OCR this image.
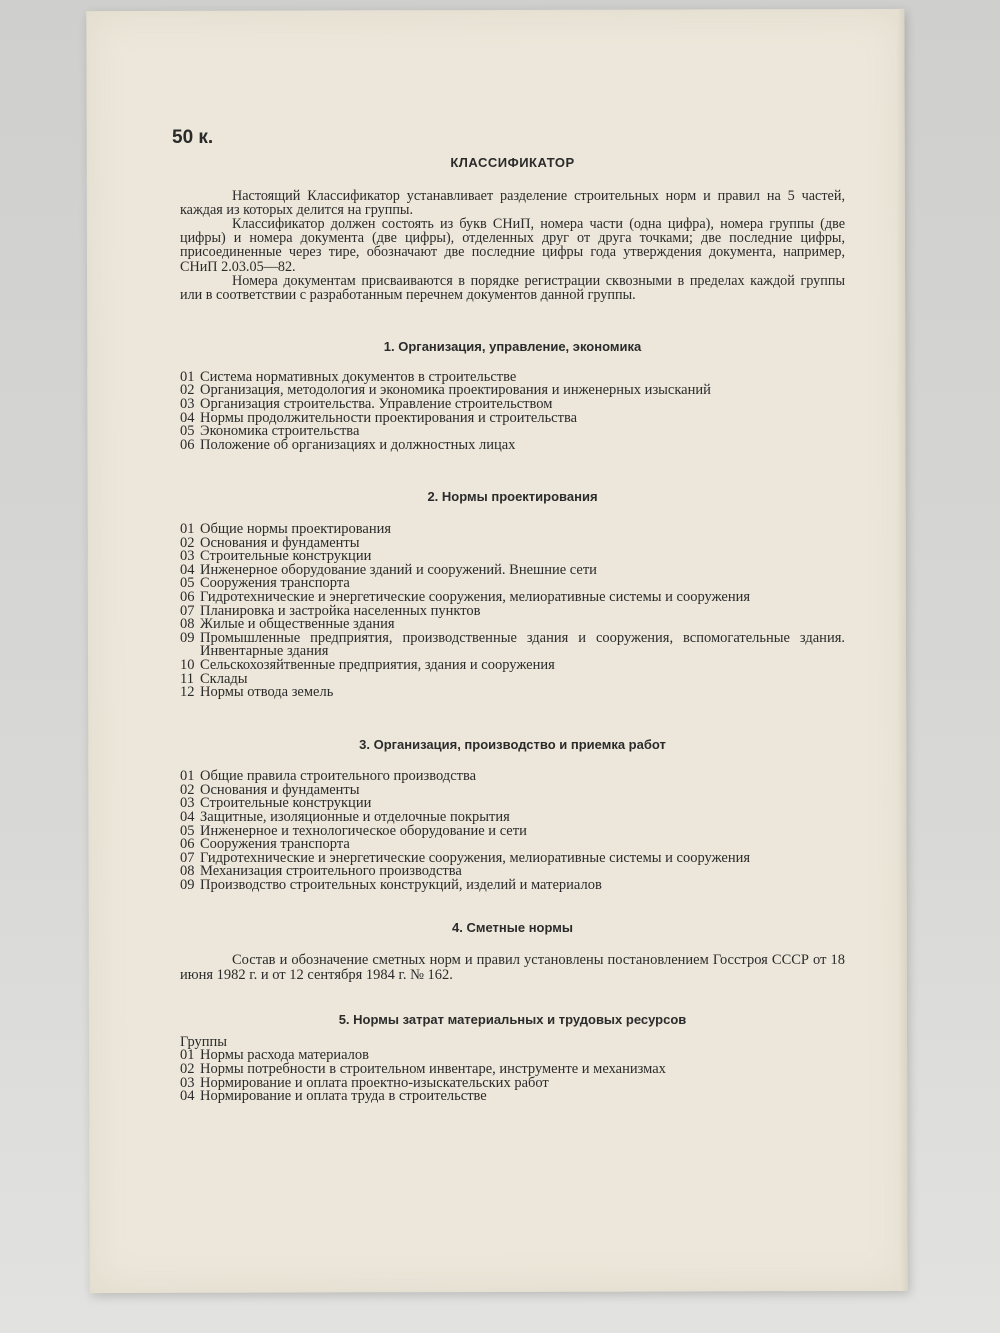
50 к.
КЛАССИФИКАТОР

Настоящий Классификатор устанавливает разделение строительных норм и правил на 5 частей, каждая из которых делится на группы.

Классификатор должен состоять из букв СНиП, номера части (одна цифра), номера группы (две цифры) и номера документа (две цифры), отделенных друг от друга точками; две последние цифры, присоединенные через тире, обозначают две последние цифры года утверждения документа, например, СНиП 2.03.05—82.

Номера документам присваиваются в порядке регистрации сквозными в пределах каждой группы или в соответствии с разработанным перечнем документов данной группы.

1. Организация, управление, экономика
01 Система нормативных документов в строительстве
02 Организация, методология и экономика проектирования и инженерных изысканий
03 Организация строительства. Управление строительством
04 Нормы продолжительности проектирования и строительства
05 Экономика строительства
06 Положение об организациях и должностных лицах
2. Нормы проектирования
01 Общие нормы проектирования
02 Основания и фундаменты
03 Строительные конструкции
04 Инженерное оборудование зданий и сооружений. Внешние сети
05 Сооружения транспорта
06 Гидротехнические и энергетические сооружения, мелиоративные системы и сооружения
07 Планировка и застройка населенных пунктов
08 Жилые и общественные здания
09 Промышленные предприятия, производственные здания и сооружения, вспомогательные здания. Инвентарные здания
10 Сельскохозяйтвенные предприятия, здания и сооружения
11 Склады
12 Нормы отвода земель
3. Организация, производство и приемка работ
01 Общие правила строительного производства
02 Основания и фундаменты
03 Строительные конструкции
04 Защитные, изоляционные и отделочные покрытия
05 Инженерное и технологическое оборудование и сети
06 Сооружения транспорта
07 Гидротехнические и энергетические сооружения, мелиоративные системы и сооружения
08 Механизация строительного производства
09 Производство строительных конструкций, изделий и материалов
4. Сметные нормы

Состав и обозначение сметных норм и правил установлены постановлением Госстроя СССР от 18 июня 1982 г. и от 12 сентября 1984 г. № 162.

5. Нормы затрат материальных и трудовых ресурсов

Группы

01 Нормы расхода материалов
02 Нормы потребности в строительном инвентаре, инструменте и механизмах
03 Нормирование и оплата проектно-изыскательских работ
04 Нормирование и оплата труда в строительстве
